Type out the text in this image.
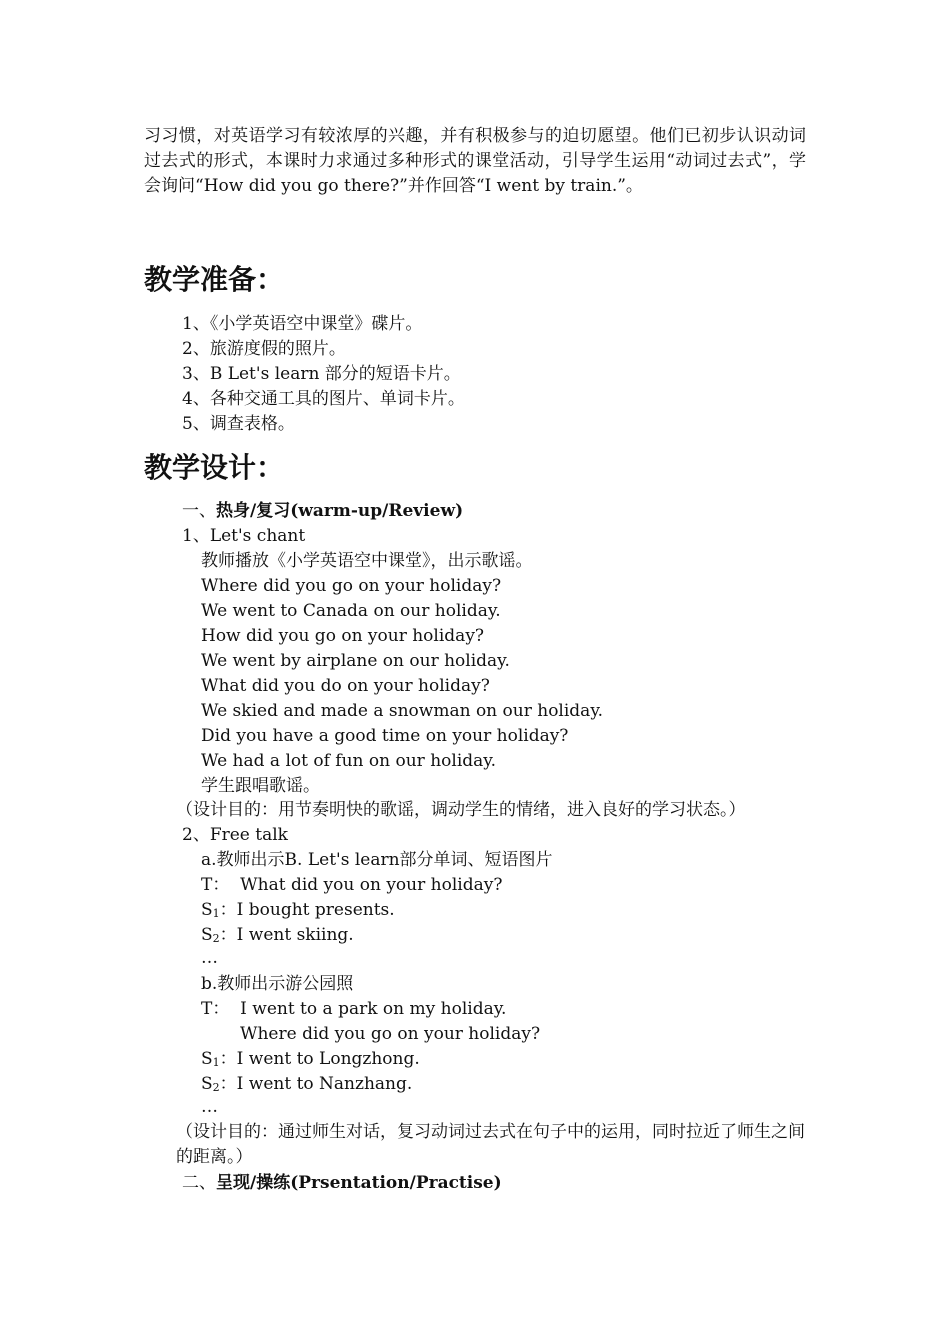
习习惯，对英语学习有较浓厚的兴趣，并有积极参与的迫切愿望。他们已初步认识动词过去式的形式，本课时力求通过多种形式的课堂活动，引导学生运用“动词过去式”，学会询问“How did you go there?”并作回答“I went by train.”。
教学准备：
1、《小学英语空中课堂》碟片。
2、旅游度假的照片。
3、B Let's learn 部分的短语卡片。
4、各种交通工具的图片、单词卡片。
5、调查表格。
教学设计：
一、热身/复习(warm-up/Review)
1、Let's chant
教师播放《小学英语空中课堂》，出示歌谣。
Where did you go on your holiday?
We went to Canada on our holiday.
How did you go on your holiday?
We went by airplane on our holiday.
What did you do on your holiday?
We skied and made a snowman on our holiday.
Did you have a good time on your holiday?
We had a lot of fun on our holiday.
学生跟唱歌谣。
（设计目的：用节奏明快的歌谣，调动学生的情绪，进入良好的学习状态。）
2、Free talk
a.教师出示B. Let's learn部分单词、短语图片
T：  What did you on your holiday?
$S_1$：I bought presents.
$S_2$：I went skiing.
…
b.教师出示游公园照
T：  I went to a park on my holiday.
Where did you go on your holiday?
$S_1$：I went to Longzhong.
$S_2$：I went to Nanzhang.
…
（设计目的：通过师生对话，复习动词过去式在句子中的运用，同时拉近了师生之间的距离。）
二、呈现/操练(Prsentation/Practise)
